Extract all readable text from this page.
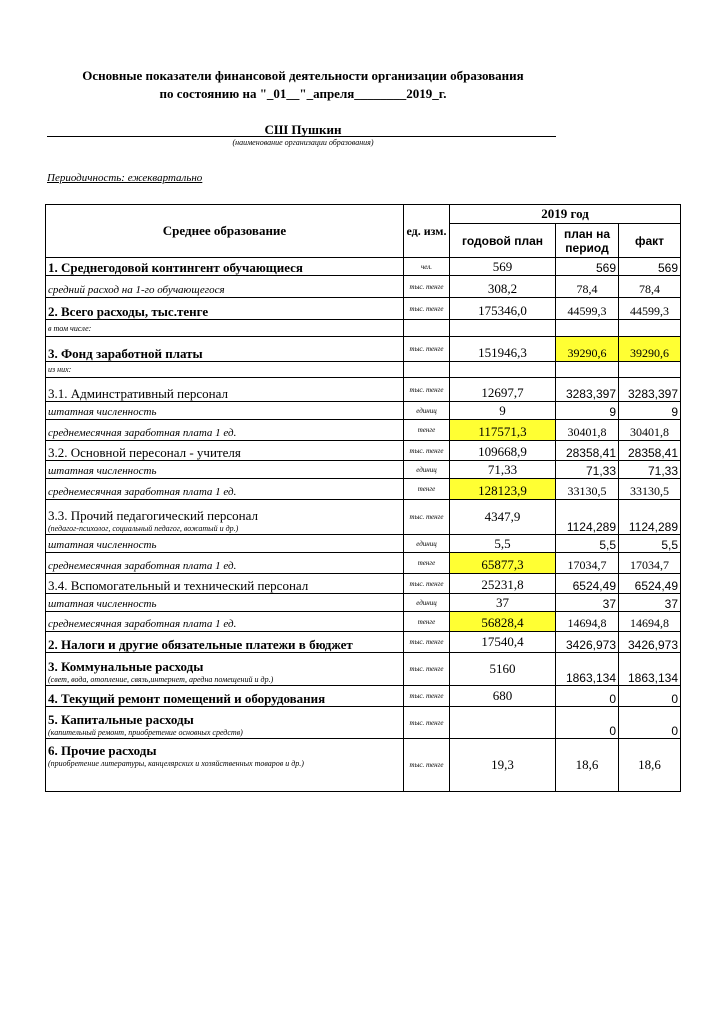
Основные показатели финансовой деятельности организации образования
по состоянию на "_01__"_апреля________2019_г.
СШ Пушкин
(наименование организации образования)
Периодичность: ежеквартально
Среднее образование	ед. изм.	2019 год		
		годовой план	план на период	факт
1. Среднегодовой контингент обучающиеся	чел.	569	569	569
средний расход на 1-го обучающегося	тыс. тенге	308,2	78,4	78,4
2. Всего расходы, тыс.тенге	тыс. тенге	175346,0	44599,3	44599,3
в том числе:				
3. Фонд заработной платы	тыс. тенге	151946,3	39290,6	39290,6
из них:				
3.1. Админстративный персонал	тыс. тенге	12697,7	3283,397	3283,397
штатная численность	единиц	9	9	9
среднемесячная заработная плата 1 ед.	тенге	117571,3	30401,8	30401,8
3.2. Основной пересонал - учителя	тыс. тенге	109668,9	28358,41	28358,41
штатная численность	единиц	71,33	71,33	71,33
среднемесячная заработная плата 1 ед.	тенге	128123,9	33130,5	33130,5
3.3. Прочий педагогический персонал
(педагог-психолог, социальный педагог, вожатый и др.)	тыс. тенге	4347,9	1124,289	1124,289
штатная численность	единиц	5,5	5,5	5,5
среднемесячная заработная плата 1 ед.	тенге	65877,3	17034,7	17034,7
3.4. Вспомогательный и технический персонал	тыс. тенге	25231,8	6524,49	6524,49
штатная численность	единиц	37	37	37
среднемесячная заработная плата 1 ед.	тенге	56828,4	14694,8	14694,8
2. Налоги и другие обязательные платежи в бюджет	тыс. тенге	17540,4	3426,973	3426,973
3. Коммунальные расходы
(свет, вода, отопление, связь,интернет, аредна помещений и др.)	тыс. тенге	5160	1863,134	1863,134
4. Текущий ремонт помещений и оборудования	тыс. тенге	680	0	0
5. Капитальные расходы
(капительный ремонт, приобретение основных средств)	тыс. тенге		0	0
6. Прочие расходы
(приобретение литературы, канцелярских и хозяйственных товаров и др.)	тыс. тенге	19,3	18,6	18,6
